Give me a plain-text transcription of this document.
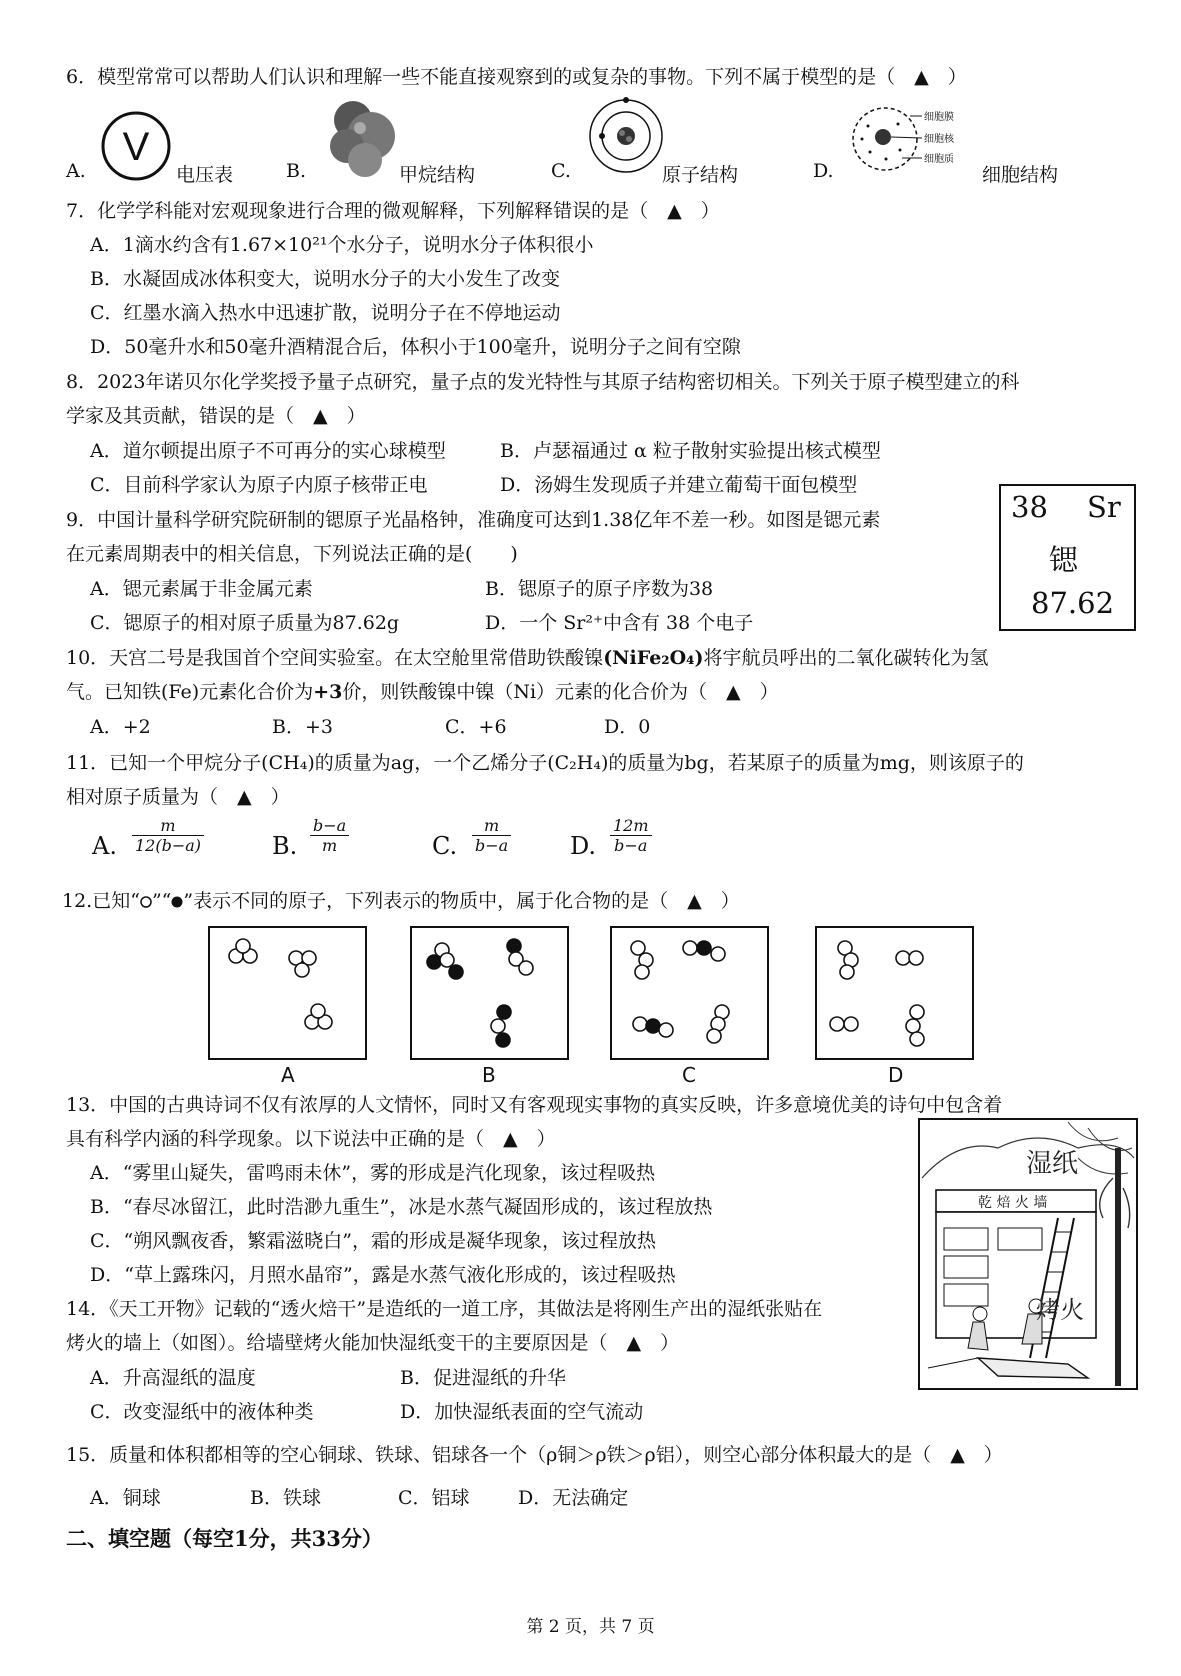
6．模型常常可以帮助人们认识和理解一些不能直接观察到的或复杂的事物。下列不属于模型的是（　▲　）
A.
V
电压表	B.	甲烷结构	C.	原子结构	D.
细胞膜
细胞核
细胞质
细胞结构
7．化学学科能对宏观现象进行合理的微观解释，下列解释错误的是（　▲　）
A．1滴水约含有1.67×10²¹个水分子，说明水分子体积很小
B．水凝固成冰体积变大，说明水分子的大小发生了改变
C．红墨水滴入热水中迅速扩散，说明分子在不停地运动
D．50毫升水和50毫升酒精混合后，体积小于100毫升，说明分子之间有空隙
8．2023年诺贝尔化学奖授予量子点研究，量子点的发光特性与其原子结构密切相关。下列关于原子模型建立的科
学家及其贡献，错误的是（　▲　）
A．道尔顿提出原子不可再分的实心球模型	B．卢瑟福通过 α 粒子散射实验提出核式模型
C．目前科学家认为原子内原子核带正电	D．汤姆生发现质子并建立葡萄干面包模型
9．中国计量科学研究院研制的锶原子光晶格钟，准确度可达到1.38亿年不差一秒。如图是锶元素
在元素周期表中的相关信息，下列说法正确的是(　　)
A．锶元素属于非金属元素	B．锶原子的原子序数为38
C．锶原子的相对原子质量为87.62g	D．一个 Sr²⁺中含有 38 个电子
38 Sr
锶
87.62
10．天宫二号是我国首个空间实验室。在太空舱里常借助铁酸镍(NiFe₂O₄)将宇航员呼出的二氧化碳转化为氢
气。已知铁(Fe)元素化合价为+3价，则铁酸镍中镍（Ni）元素的化合价为（　▲　）
A．+2	B．+3	C．+6	D．0
11．已知一个甲烷分子(CH₄)的质量为ag，一个乙烯分子(C₂H₄)的质量为bg，若某原子的质量为mg，则该原子的
相对原子质量为（　▲　）
A. $\frac{m}{12(b-a)}$	B. $\frac{b-a}{m}$	C. $\frac{m}{b-a} D$. $\frac{12m}{b-a}$
12.已知“ ”“ ”表示不同的原子，下列表示的物质中，属于化合物的是（　▲　）
A	B	C	D
13．中国的古典诗词不仅有浓厚的人文情怀，同时又有客观现实事物的真实反映，许多意境优美的诗句中包含着
具有科学内涵的科学现象。以下说法中正确的是（　▲　）
A．“雾里山疑失，雷鸣雨未休”，雾的形成是汽化现象，该过程吸热
B．“春尽冰留江，此时浩渺九重生”，冰是水蒸气凝固形成的，该过程放热
C．“朔风飘夜香，繁霜滋晓白”，霜的形成是凝华现象，该过程放热
D．“草上露珠闪，月照水晶帘”，露是水蒸气液化形成的，该过程吸热
乾 焙 火 墙
湿纸
烤火
14．《天工开物》记载的“透火焙干”是造纸的一道工序，其做法是将刚生产出的湿纸张贴在
烤火的墙上（如图）。给墙壁烤火能加快湿纸变干的主要原因是（　▲　）
A．升高湿纸的温度	B．促进湿纸的升华
C．改变湿纸中的液体种类	D．加快湿纸表面的空气流动
15．质量和体积都相等的空心铜球、铁球、铝球各一个（ρ铜＞ρ铁＞ρ铝），则空心部分体积最大的是（　▲　）
A．铜球	B．铁球	C．铝球	D．无法确定
二、填空题（每空1分，共33分）
第 2 页，共 7 页
